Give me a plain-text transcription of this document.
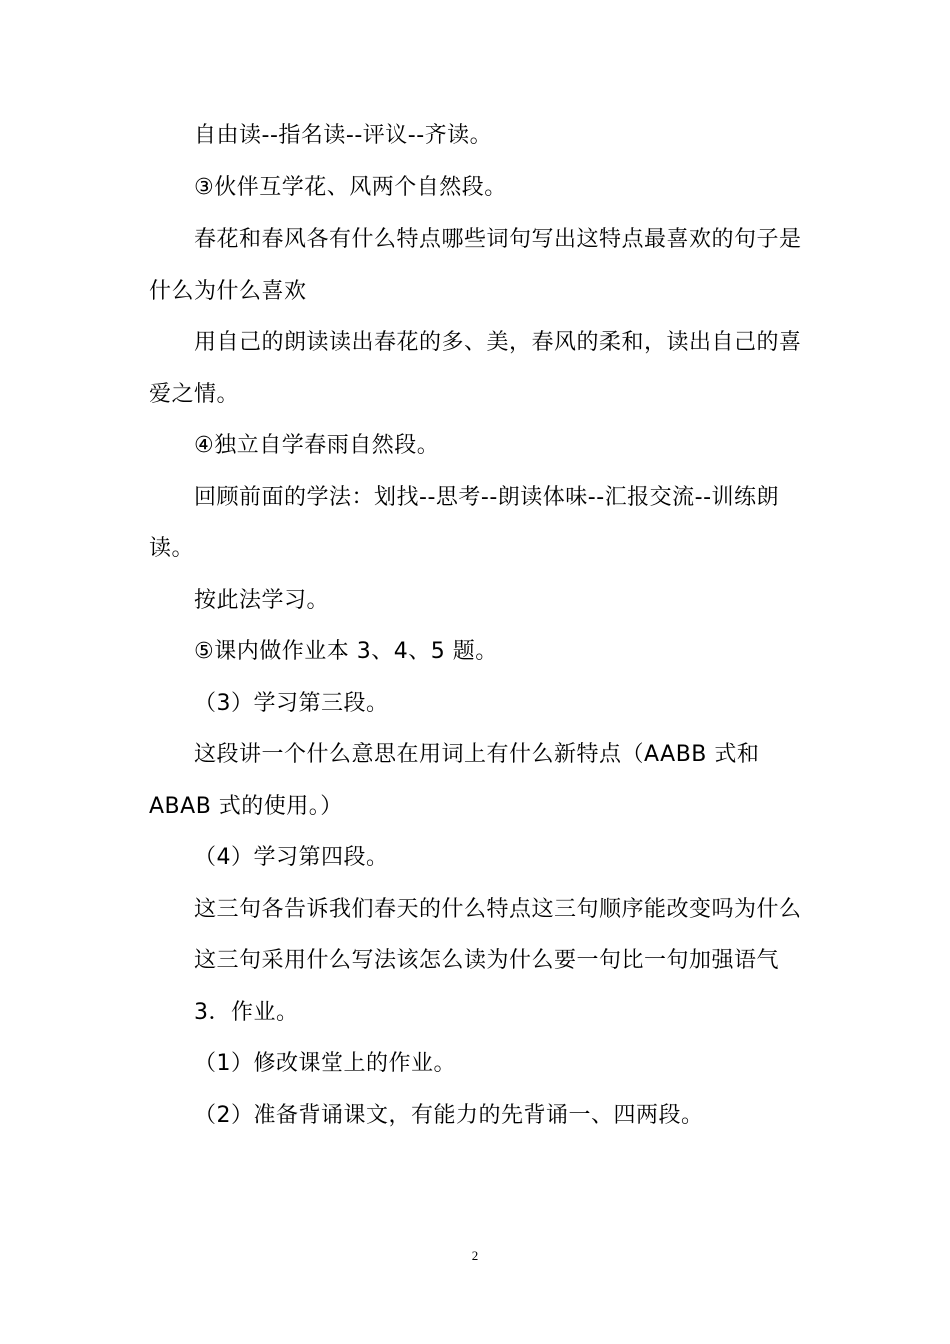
自由读--指名读--评议--齐读。
③伙伴互学花、风两个自然段。
春花和春风各有什么特点哪些词句写出这特点最喜欢的句子是
什么为什么喜欢
用自己的朗读读出春花的多、美，春风的柔和，读出自己的喜
爱之情。
④独立自学春雨自然段。
回顾前面的学法：划找--思考--朗读体味--汇报交流--训练朗
读。
按此法学习。
⑤课内做作业本 3、4、5 题。
（3）学习第三段。
这段讲一个什么意思在用词上有什么新特点（AABB 式和
ABAB 式的使用。）
（4）学习第四段。
这三句各告诉我们春天的什么特点这三句顺序能改变吗为什么
这三句采用什么写法该怎么读为什么要一句比一句加强语气
3．作业。
（1）修改课堂上的作业。
（2）准备背诵课文，有能力的先背诵一、四两段。
2
